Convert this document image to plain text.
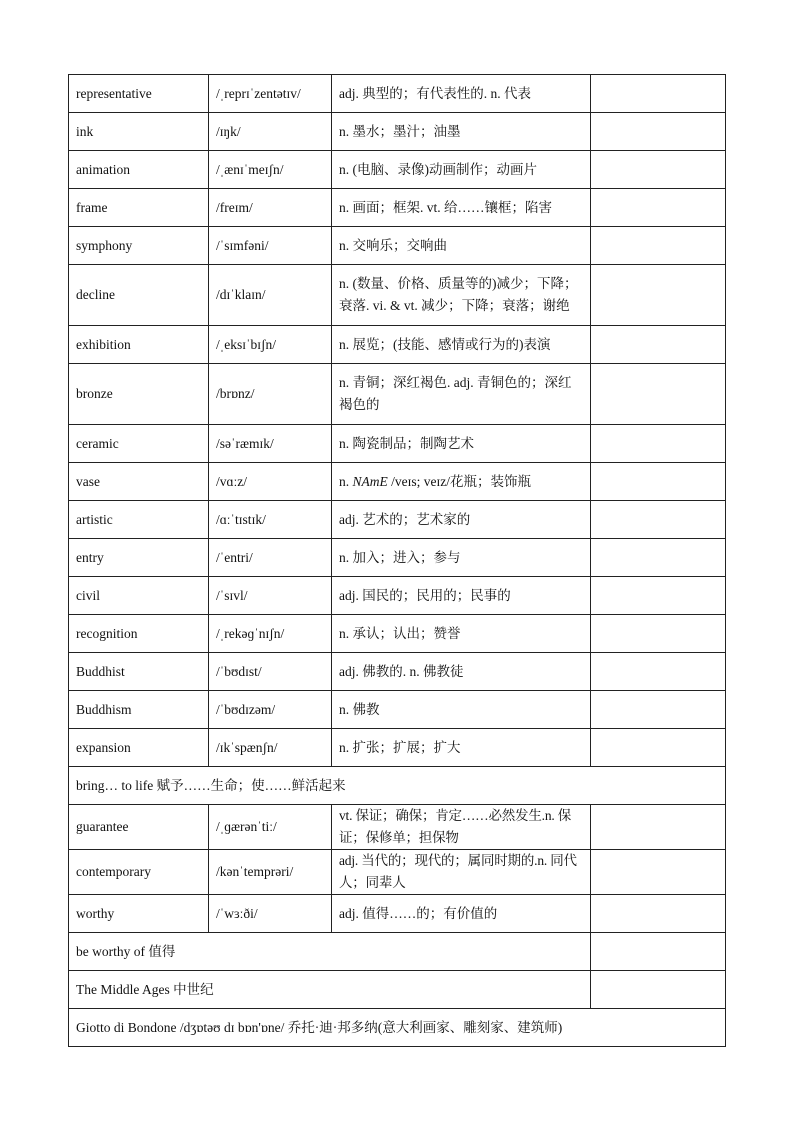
representative	/ˌreprɪˈzentətɪv/	adj. 典型的；有代表性的. n. 代表	
ink	/ɪŋk/	n. 墨水；墨汁；油墨	
animation	/ˌænɪˈmeɪʃn/	n. (电脑、录像)动画制作；动画片	
frame	/freɪm/	n. 画面；框架. vt. 给……镶框；陷害	
symphony	/ˈsɪmfəni/	n. 交响乐；交响曲	
decline	/dɪˈklaɪn/	n. (数量、价格、质量等的)减少；下降；衰落. vi. & vt. 减少；下降；衰落；谢绝	
exhibition	/ˌeksɪˈbɪʃn/	n. 展览；(技能、感情或行为的)表演	
bronze	/brɒnz/	n. 青铜；深红褐色. adj. 青铜色的；深红褐色的	
ceramic	/səˈræmɪk/	n. 陶瓷制品；制陶艺术	
vase	/vɑːz/	n. NAmE /veɪs; veɪz/花瓶；装饰瓶	
artistic	/ɑːˈtɪstɪk/	adj. 艺术的；艺术家的	
entry	/ˈentri/	n. 加入；进入；参与	
civil	/ˈsɪvl/	adj. 国民的；民用的；民事的	
recognition	/ˌrekəɡˈnɪʃn/	n. 承认；认出；赞誉	
Buddhist	/ˈbʊdɪst/	adj. 佛教的. n. 佛教徒	
Buddhism	/ˈbʊdɪzəm/	n. 佛教	
expansion	/ɪkˈspænʃn/	n. 扩张；扩展；扩大	
bring… to life 赋予……生命；使……鲜活起来			
guarantee	/ˌɡærənˈtiː/	vt. 保证；确保；肯定……必然发生.n. 保证；保修单；担保物	
contemporary	/kənˈtemprəri/	adj. 当代的；现代的；属同时期的.n. 同代人；同辈人	
worthy	/ˈwɜːði/	adj. 值得……的；有价值的	
be worthy of 值得			
The Middle Ages 中世纪			
Giotto di Bondone /dʒɒtəʊ dɪ bɒn'ɒne/ 乔托·迪·邦多纳(意大利画家、雕刻家、建筑师)			
